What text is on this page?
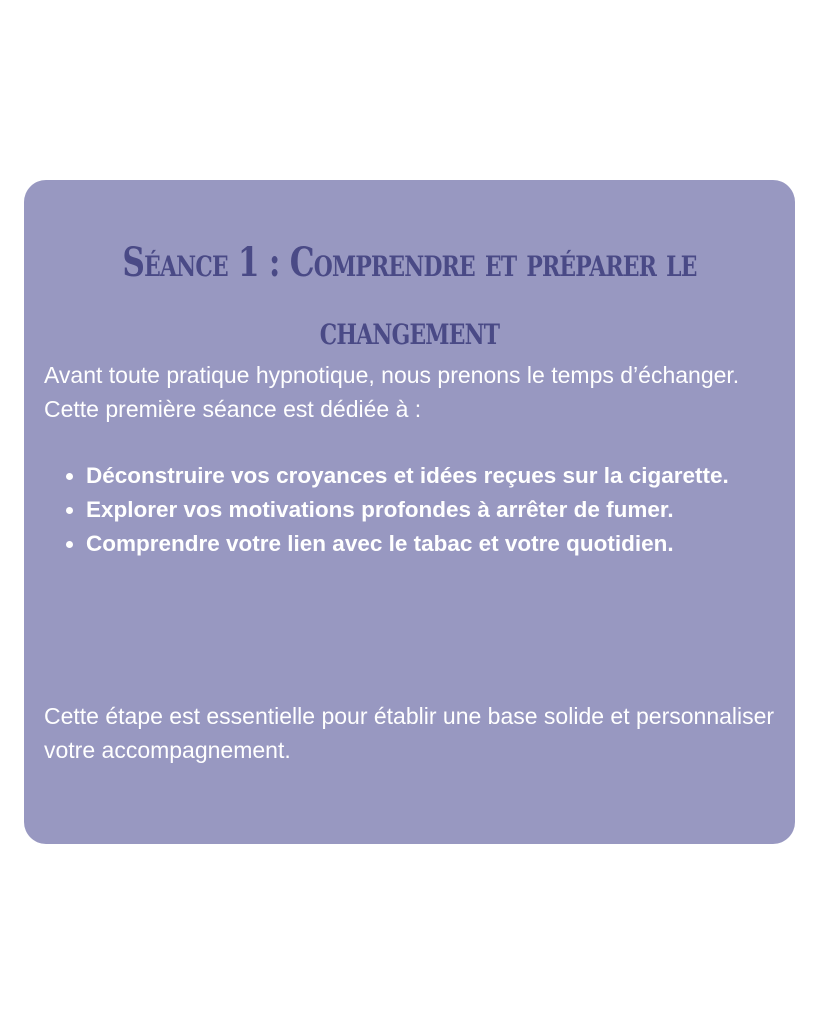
Séance 1 : Comprendre et préparer le
changement

Avant toute pratique hypnotique, nous prenons le temps d’échanger. Cette première séance est dédiée à :

Déconstruire vos croyances et idées reçues sur la cigarette.
Explorer vos motivations profondes à arrêter de fumer.
Comprendre votre lien avec le tabac et votre quotidien.

Cette étape est essentielle pour établir une base solide et personnaliser votre accompagnement.
